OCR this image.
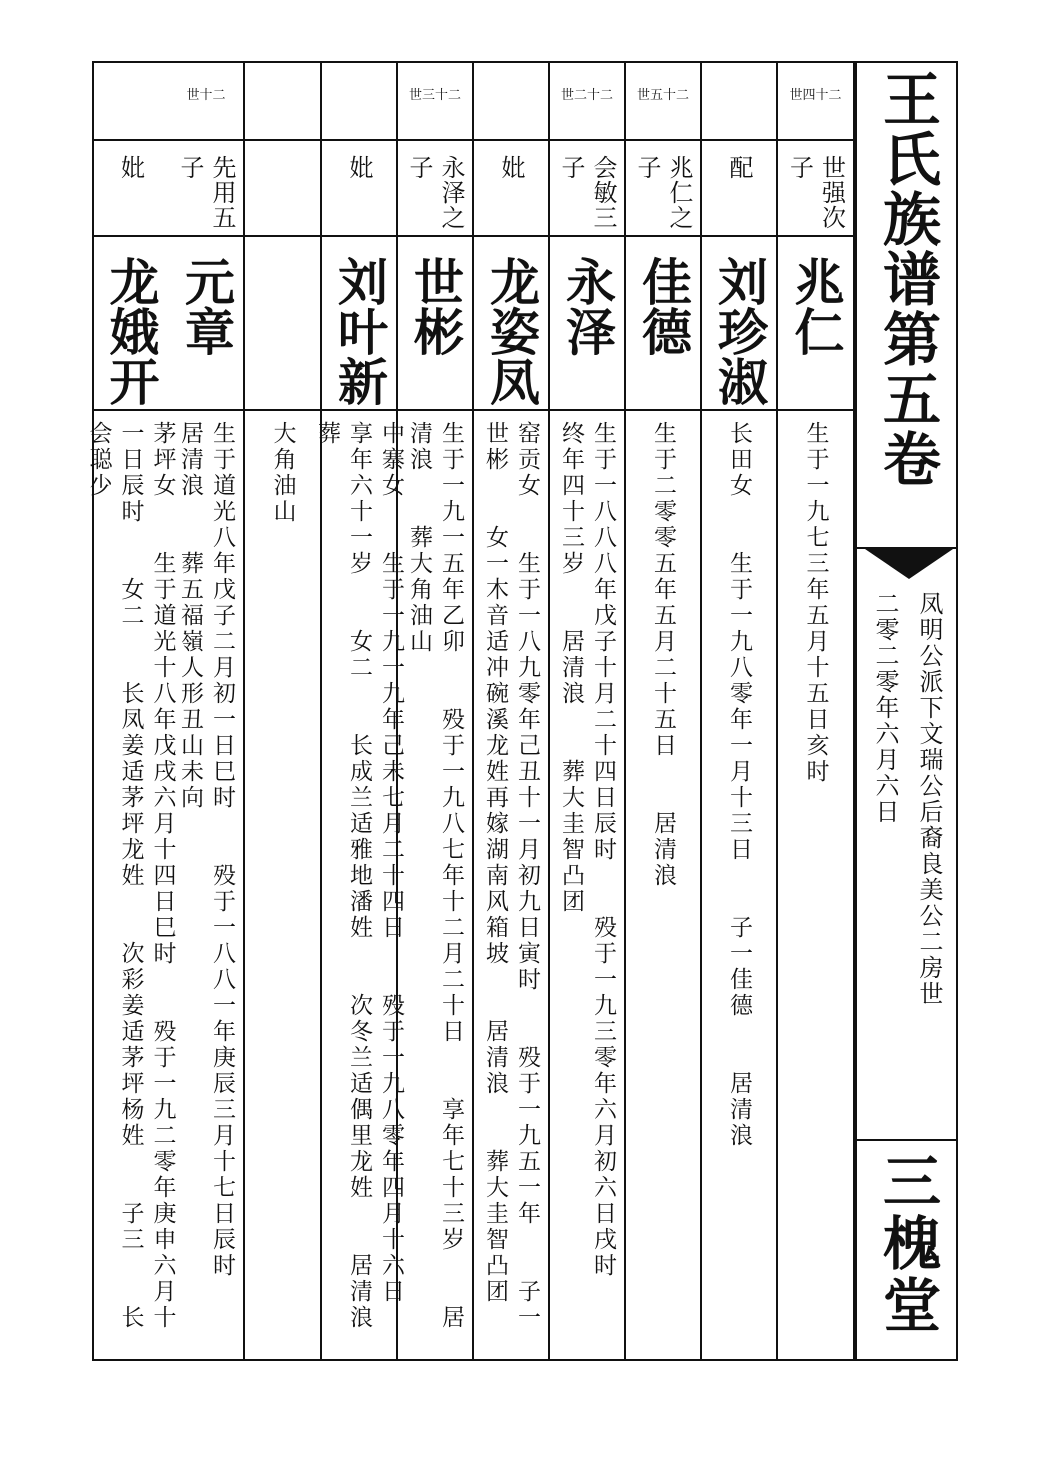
世四十二
世强次子
兆仁
生于一九七三年五月十五日亥时
配
刘珍淑
长田女　　生于一九八零年一月十三日　　子一佳德　　居清浪
世五十二
兆仁之子
佳德
生于二零零五年五月二十五日　　居清浪
世二十二
会敏三子
永泽
生于一八八八年戊子十月二十四日辰时　　殁于一九三零年六月初六日戌时　　终年四十三岁　　居清浪　　葬大圭智凸团
妣
龙姿凤
窑贡女　　生于一八九零年己丑十一月初九日寅时　　殁于一九五一年　　子一世彬　　女一木音适冲碗溪龙姓再嫁湖南风箱坡　　居清浪　　葬大圭智凸团
世三十二
永泽之子
世彬
生于一九一五年乙卯　　殁于一九八七年十二月二十日　　享年七十三岁　　居清浪　　葬大角油山
妣
刘叶新
中寨女　　生于一九一九年己未七月二十四日　　殁于一九八零年四月十六日　　享年六十一岁　　女二　　长成兰适雅地潘姓　　次冬兰适偶里龙姓　　居清浪　　葬
大角油山
世十二
先用五子
元章
生于道光八年戊子二月初一日巳时　　殁于一八八一年庚辰三月十七日辰时　　居清浪　　葬五福嶺人形丑山未向
妣
龙娥开
茅坪女　　生于道光十八年戊戌六月十四日巳时　　殁于一九二零年庚申六月十一日辰时　　女二　　长凤姜适茅坪龙姓　　次彩姜适茅坪杨姓　　子三　　长会聪少	王氏族谱第五卷
凤明公派下文瑞公后裔良美公二房世
二零二零年六月六日
三槐堂
